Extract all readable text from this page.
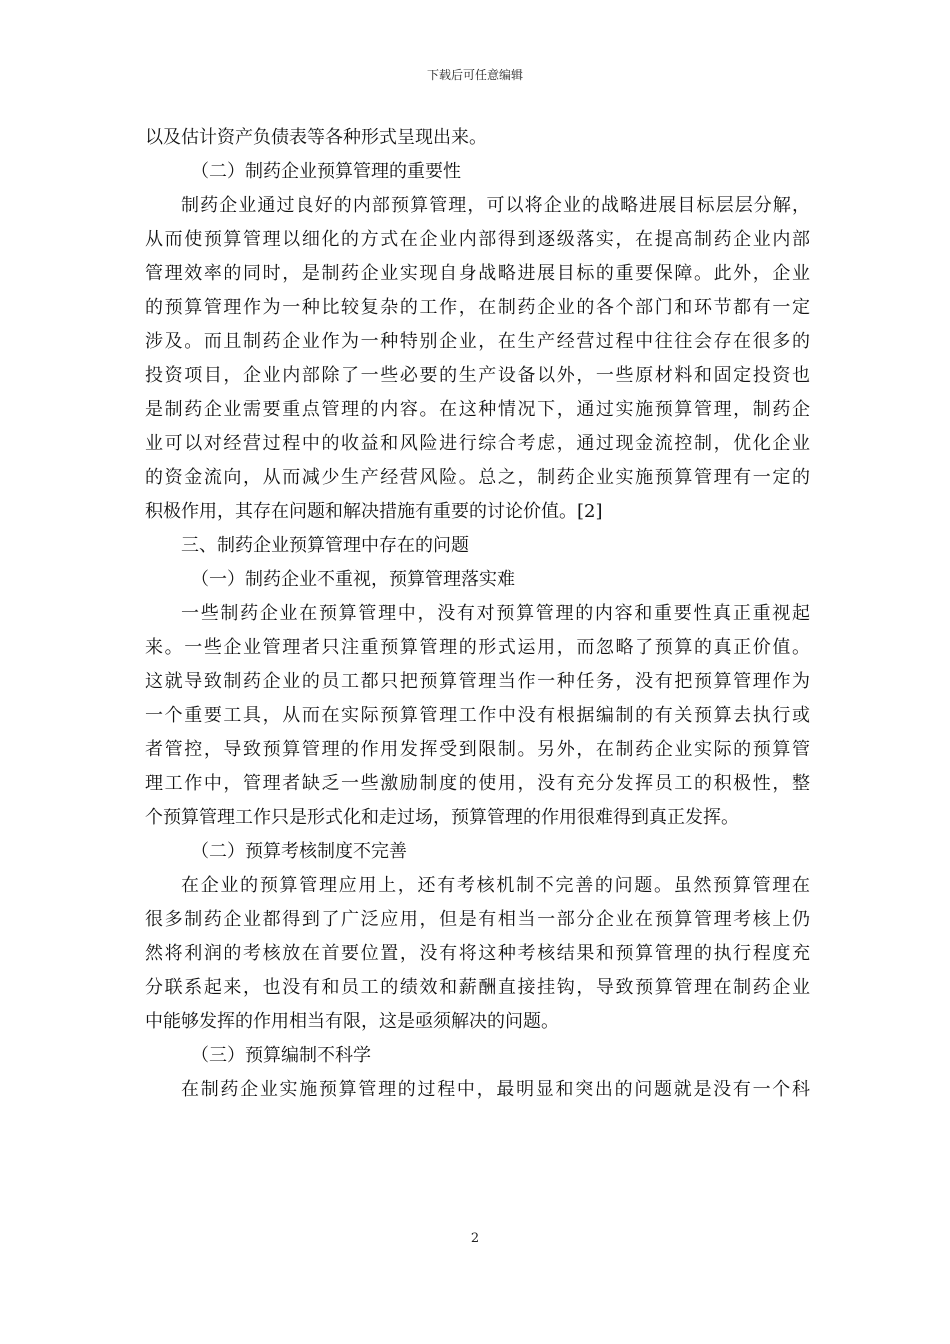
下载后可任意编辑
以及估计资产负债表等各种形式呈现出来。
（二）制药企业预算管理的重要性
制药企业通过良好的内部预算管理，可以将企业的战略进展目标层层分解，
从而使预算管理以细化的方式在企业内部得到逐级落实，在提高制药企业内部
管理效率的同时，是制药企业实现自身战略进展目标的重要保障。此外，企业
的预算管理作为一种比较复杂的工作，在制药企业的各个部门和环节都有一定
涉及。而且制药企业作为一种特别企业，在生产经营过程中往往会存在很多的
投资项目，企业内部除了一些必要的生产设备以外，一些原材料和固定投资也
是制药企业需要重点管理的内容。在这种情况下，通过实施预算管理，制药企
业可以对经营过程中的收益和风险进行综合考虑，通过现金流控制，优化企业
的资金流向，从而减少生产经营风险。总之，制药企业实施预算管理有一定的
积极作用，其存在问题和解决措施有重要的讨论价值。[2]
三、制药企业预算管理中存在的问题
（一）制药企业不重视，预算管理落实难
一些制药企业在预算管理中，没有对预算管理的内容和重要性真正重视起
来。一些企业管理者只注重预算管理的形式运用，而忽略了预算的真正价值。
这就导致制药企业的员工都只把预算管理当作一种任务，没有把预算管理作为
一个重要工具，从而在实际预算管理工作中没有根据编制的有关预算去执行或
者管控，导致预算管理的作用发挥受到限制。另外，在制药企业实际的预算管
理工作中，管理者缺乏一些激励制度的使用，没有充分发挥员工的积极性，整
个预算管理工作只是形式化和走过场，预算管理的作用很难得到真正发挥。
（二）预算考核制度不完善
在企业的预算管理应用上，还有考核机制不完善的问题。虽然预算管理在
很多制药企业都得到了广泛应用，但是有相当一部分企业在预算管理考核上仍
然将利润的考核放在首要位置，没有将这种考核结果和预算管理的执行程度充
分联系起来，也没有和员工的绩效和薪酬直接挂钩，导致预算管理在制药企业
中能够发挥的作用相当有限，这是亟须解决的问题。
（三）预算编制不科学
在制药企业实施预算管理的过程中，最明显和突出的问题就是没有一个科
2
